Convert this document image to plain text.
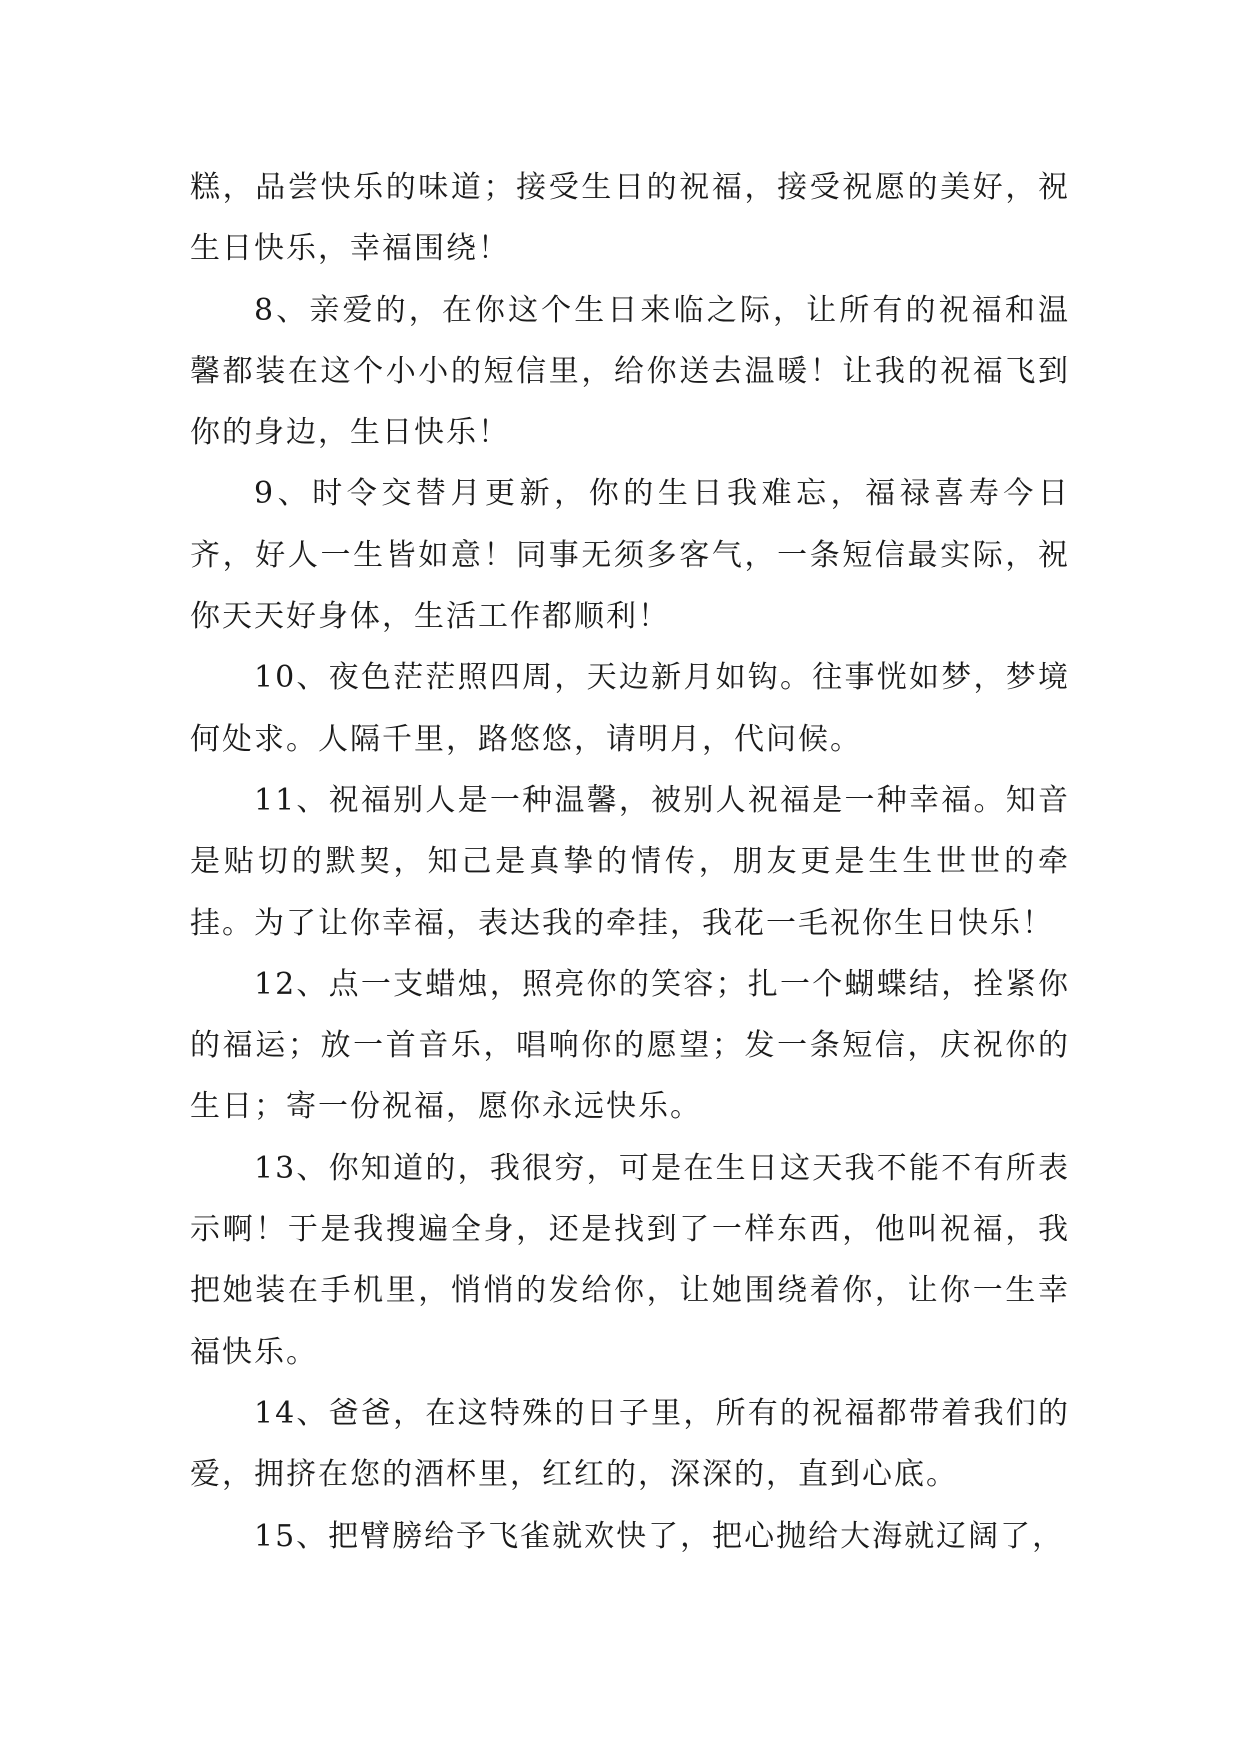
糕，品尝快乐的味道；接受生日的祝福，接受祝愿的美好，祝生日快乐，幸福围绕！

8、亲爱的，在你这个生日来临之际，让所有的祝福和温馨都装在这个小小的短信里，给你送去温暖！让我的祝福飞到你的身边，生日快乐！

9、时令交替月更新，你的生日我难忘，福禄喜寿今日齐，好人一生皆如意！同事无须多客气，一条短信最实际，祝你天天好身体，生活工作都顺利！

10、夜色茫茫照四周，天边新月如钩。往事恍如梦，梦境何处求。人隔千里，路悠悠，请明月，代问候。

11、祝福别人是一种温馨，被别人祝福是一种幸福。知音是贴切的默契，知己是真挚的情传，朋友更是生生世世的牵挂。为了让你幸福，表达我的牵挂，我花一毛祝你生日快乐！

12、点一支蜡烛，照亮你的笑容；扎一个蝴蝶结，拴紧你的福运；放一首音乐，唱响你的愿望；发一条短信，庆祝你的生日；寄一份祝福，愿你永远快乐。

13、你知道的，我很穷，可是在生日这天我不能不有所表示啊！于是我搜遍全身，还是找到了一样东西，他叫祝福，我把她装在手机里，悄悄的发给你，让她围绕着你，让你一生幸福快乐。

14、爸爸，在这特殊的日子里，所有的祝福都带着我们的爱，拥挤在您的酒杯里，红红的，深深的，直到心底。

15、把臂膀给予飞雀就欢快了，把心抛给大海就辽阔了，
